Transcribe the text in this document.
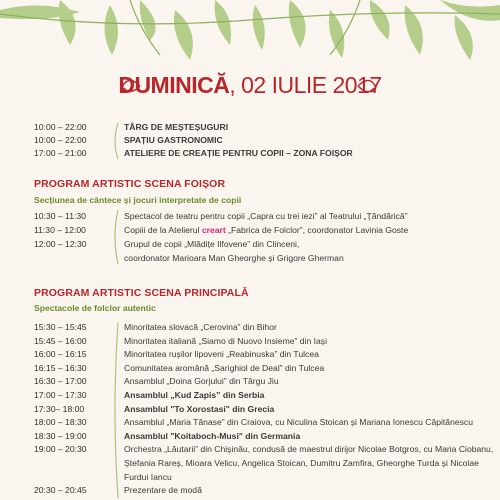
DUMINICĂ, 02 IULIE 2017
10:00 – 22:00	TÂRG DE MEȘTEȘUGURI
10:00 – 22:00	SPAȚIU GASTRONOMIC
17:00 – 21:00	ATELIERE DE CREAȚIE PENTRU COPII – ZONA FOIȘOR
PROGRAM ARTISTIC SCENA FOIȘOR
Secțiunea de cântece și jocuri interpretate de copii
10:30 – 11:30	Spectacol de teatru pentru copii „Capra cu trei iezi” al Teatrului „Țăndărică”
11:30 – 12:00	Copiii de la Atelierul creart „Fabrica de Folclor”, coordonator Lavinia Goste
12:00 – 12:30	Grupul de copii „Mlădițe Ilfovene” din Clinceni,
coordonator Marioara Man Gheorghe și Grigore Gherman
PROGRAM ARTISTIC SCENA PRINCIPALĂ
Spectacole de folclor autentic
15:30 – 15:45	Minoritatea slovacă „Cerovina” din Bihor
15:45 – 16:00	Minoritatea italiană „Siamo di Nuovo Insieme” din Iași
16:00 – 16:15	Minoritatea rușilor lipoveni „Reabinuska” din Tulcea
16:15 – 16:30	Comunitatea aromână „Sarighiol de Deal” din Tulcea
16:30 – 17:00	Ansamblul „Doina Gorjului” din Târgu Jiu
17:00 – 17:30	Ansamblul „Kud Zapis” din Serbia
17:30– 18:00	Ansamblul "To Xorostasi" din Grecia
18:00 – 18:30	Ansamblul „Maria Tănase” din Craiova, cu Niculina Stoican și Mariana Ionescu Căpitănescu
18:30 – 19:00	Ansamblul "Koitaboch-Musi" din Germania
19:00 – 20:30	Orchestra „Lăutarii” din Chișinău, condusă de maestrul dirijor Nicolae Botgros, cu Maria Ciobanu,
Ștefania Rareș, Mioara Velicu, Angelica Stoican, Dumitru Zamfira, Gheorghe Turda și Nicolae
Furdui Iancu
20:30 – 20:45	Prezentare de modă
